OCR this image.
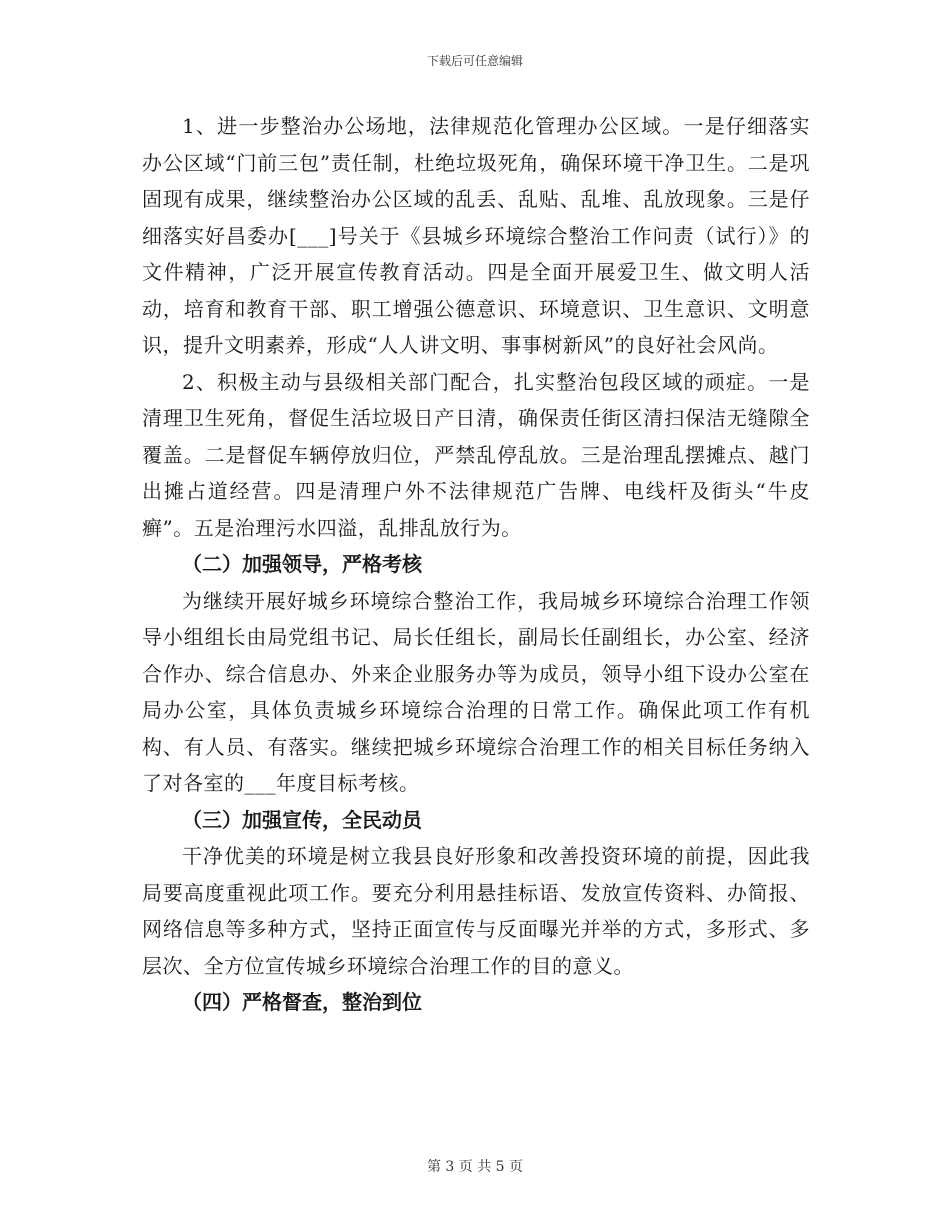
下载后可任意编辑

1、进一步整治办公场地，法律规范化管理办公区域。一是仔细落实办公区域“门前三包”责任制，杜绝垃圾死角，确保环境干净卫生。二是巩固现有成果，继续整治办公区域的乱丢、乱贴、乱堆、乱放现象。三是仔细落实好昌委办[___]号关于《县城乡环境综合整治工作问责（试行）》的文件精神，广泛开展宣传教育活动。四是全面开展爱卫生、做文明人活动，培育和教育干部、职工增强公德意识、环境意识、卫生意识、文明意识，提升文明素养，形成“人人讲文明、事事树新风”的良好社会风尚。

2、积极主动与县级相关部门配合，扎实整治包段区域的顽症。一是清理卫生死角，督促生活垃圾日产日清，确保责任街区清扫保洁无缝隙全覆盖。二是督促车辆停放归位，严禁乱停乱放。三是治理乱摆摊点、越门出摊占道经营。四是清理户外不法律规范广告牌、电线杆及街头“牛皮癣”。五是治理污水四溢，乱排乱放行为。

（二）加强领导，严格考核

为继续开展好城乡环境综合整治工作，我局城乡环境综合治理工作领导小组组长由局党组书记、局长任组长，副局长任副组长，办公室、经济合作办、综合信息办、外来企业服务办等为成员，领导小组下设办公室在局办公室，具体负责城乡环境综合治理的日常工作。确保此项工作有机构、有人员、有落实。继续把城乡环境综合治理工作的相关目标任务纳入了对各室的___年度目标考核。

（三）加强宣传，全民动员

干净优美的环境是树立我县良好形象和改善投资环境的前提，因此我局要高度重视此项工作。要充分利用悬挂标语、发放宣传资料、办简报、网络信息等多种方式，坚持正面宣传与反面曝光并举的方式，多形式、多层次、全方位宣传城乡环境综合治理工作的目的意义。

（四）严格督查，整治到位

第 3 页 共 5 页
